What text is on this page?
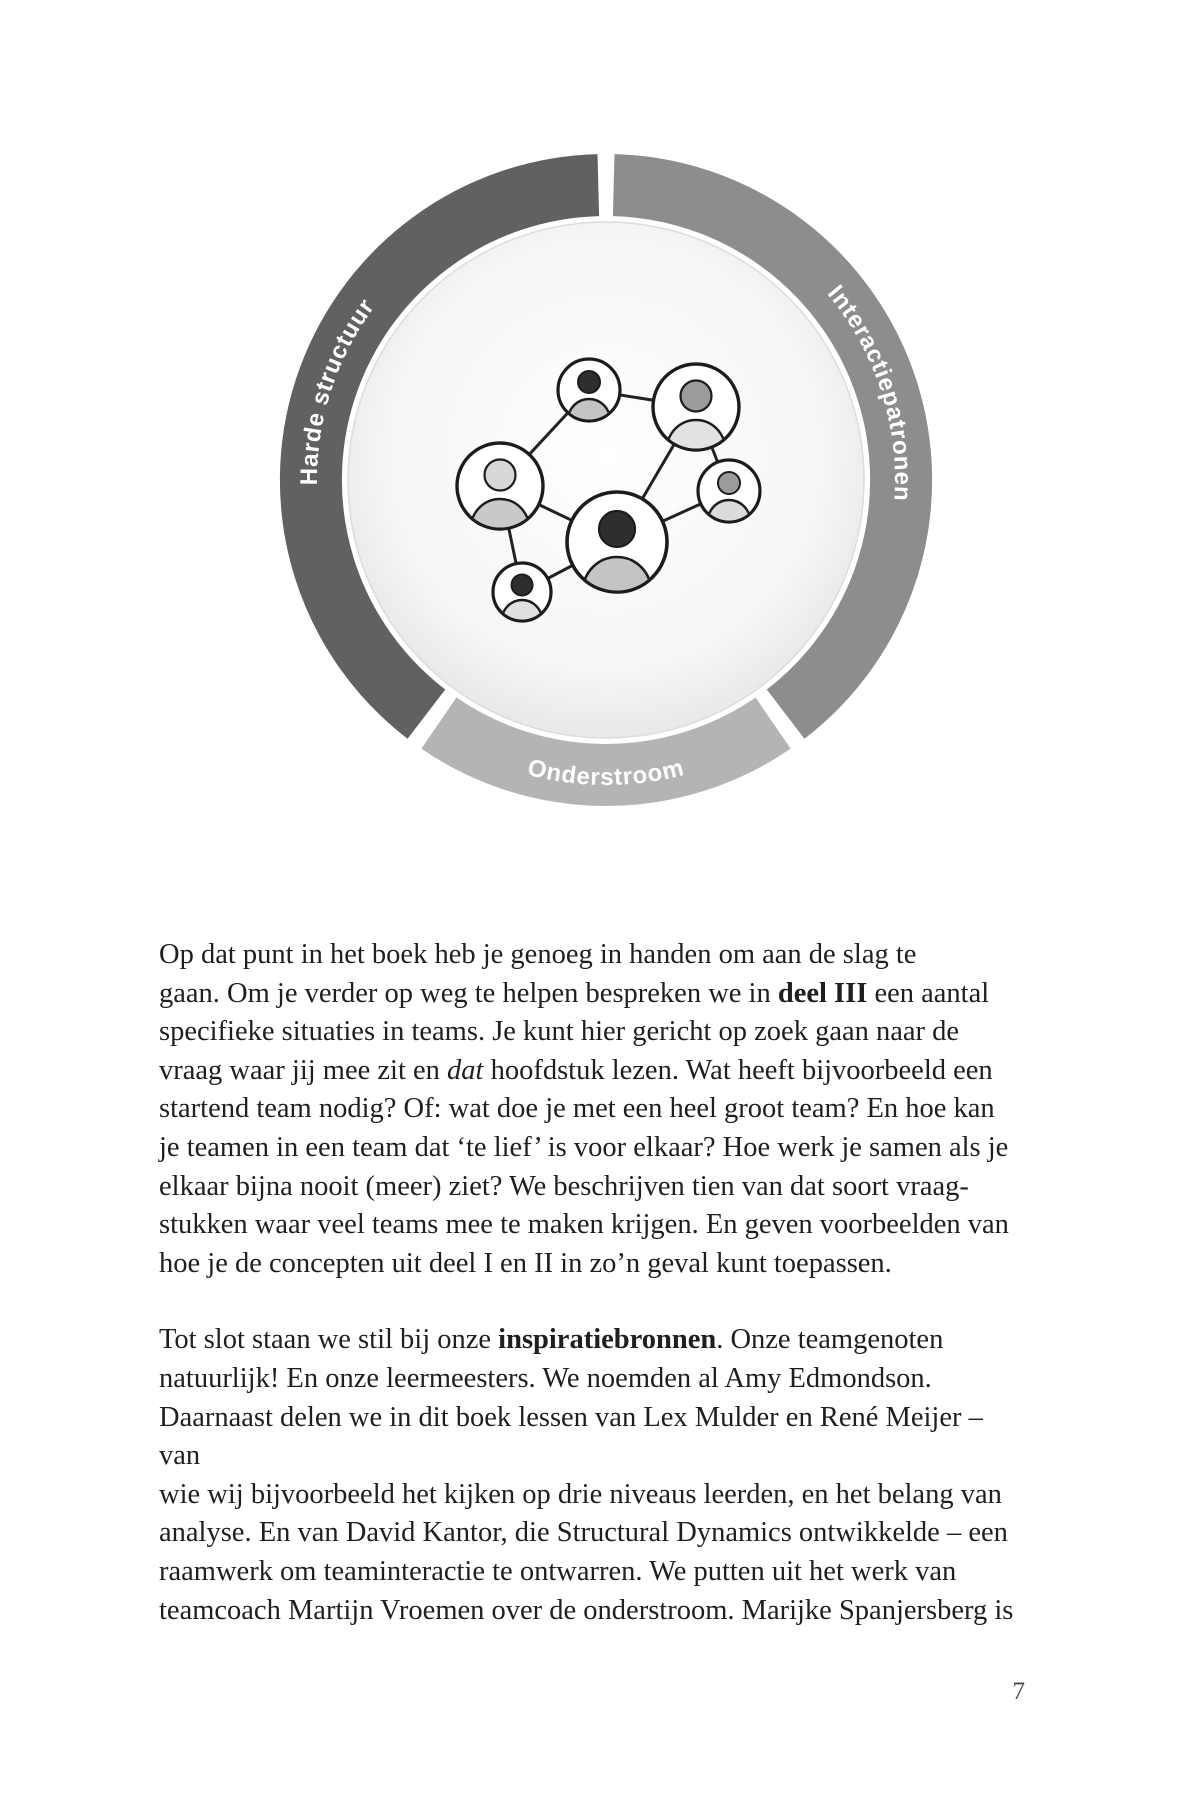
Harde structuur
Interactiepatronen
Onderstroom

Op dat punt in het boek heb je genoeg in handen om aan de slag te
gaan. Om je verder op weg te helpen bespreken we in deel III een aantal
specifieke situaties in teams. Je kunt hier gericht op zoek gaan naar de
vraag waar jij mee zit en dat hoofdstuk lezen. Wat heeft bijvoorbeeld een
startend team nodig? Of: wat doe je met een heel groot team? En hoe kan
je teamen in een team dat ‘te lief’ is voor elkaar? Hoe werk je samen als je
elkaar bijna nooit (meer) ziet? We beschrijven tien van dat soort vraag-
stukken waar veel teams mee te maken krijgen. En geven voorbeelden van
hoe je de concepten uit deel I en II in zo’n geval kunt toepassen.

Tot slot staan we stil bij onze inspiratiebronnen. Onze teamgenoten
natuurlijk! En onze leermeesters. We noemden al Amy Edmondson.
Daarnaast delen we in dit boek lessen van Lex Mulder en René Meijer – van
wie wij bijvoorbeeld het kijken op drie niveaus leerden, en het belang van
analyse. En van David Kantor, die Structural Dynamics ontwikkelde – een
raamwerk om teaminteractie te ontwarren. We putten uit het werk van
teamcoach Martijn Vroemen over de onderstroom. Marijke Spanjersberg is

7
